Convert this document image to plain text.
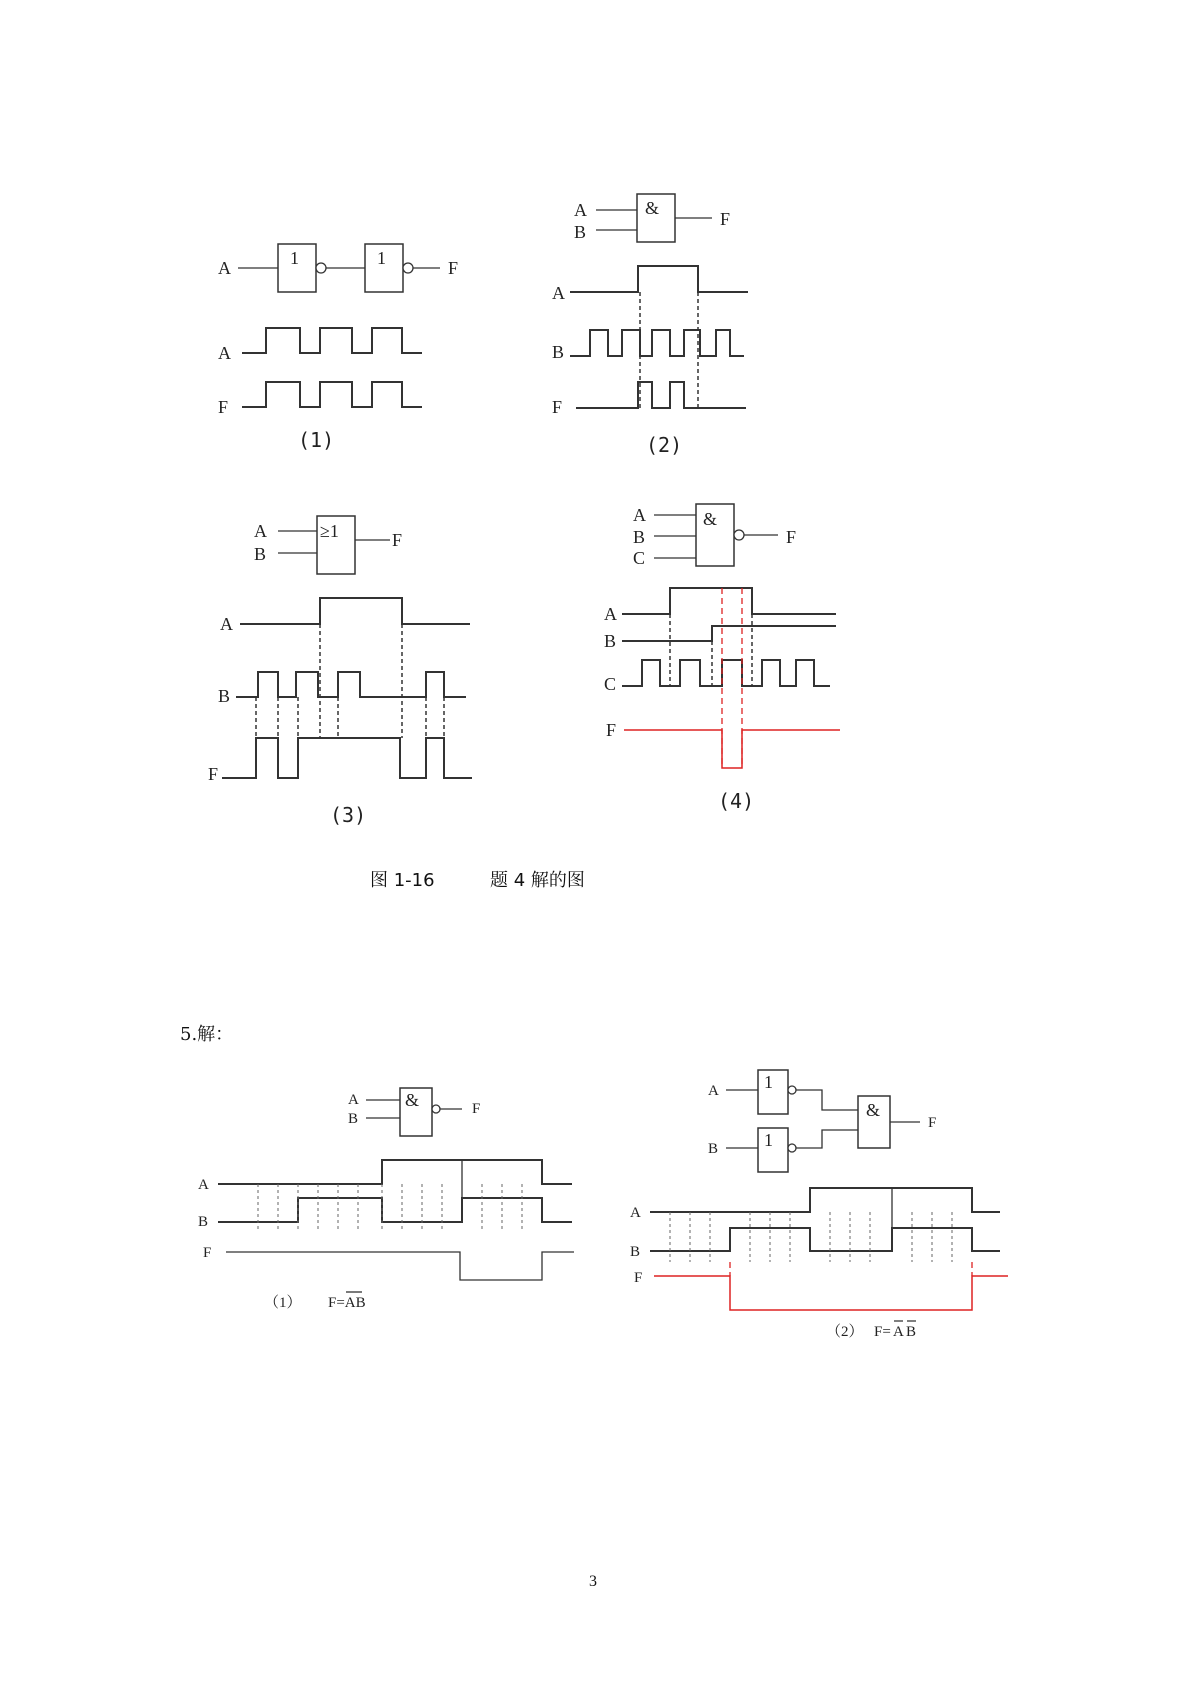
A	1	1	F
A
F
(1)
A
B
&
F
A
B
F
(2)
A
B
≥1	F
A
B
F
(3)
A
B
C
&
F
A
B
C
F
(4)
图 1-16	题 4 解的图
5.解：
A
B
&	F
A
B
F
（1） F=AB
A	1
B	1
&
F
A
B
F
（2） F= A B
3
